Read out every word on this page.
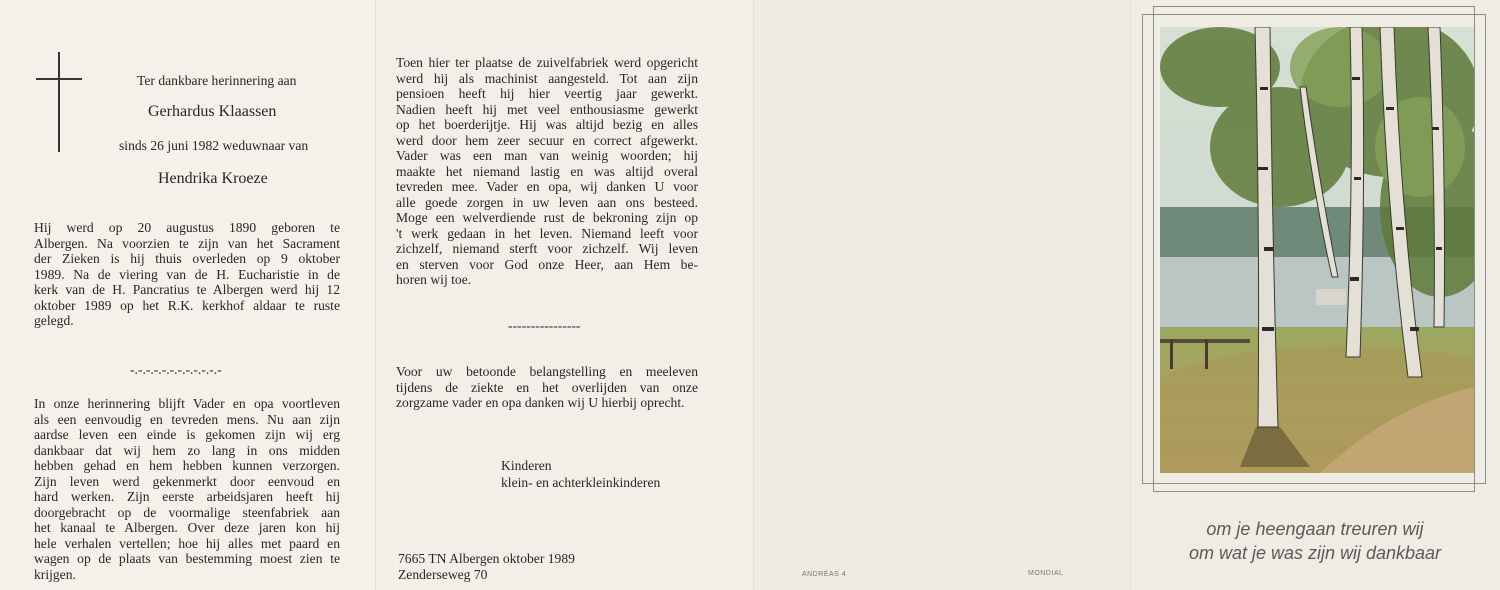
Ter dankbare herinnering aan
Gerhardus Klaassen
sinds 26 juni 1982 weduwnaar van
Hendrika Kroeze
Hij werd op 20 augustus 1890 geboren te
Albergen. Na voorzien te zijn van het Sacrament
der Zieken is hij thuis overleden op 9 oktober
1989. Na de viering van de H. Eucharistie in de
kerk van de H. Pancratius te Albergen werd hij 12
oktober 1989 op het R.K. kerkhof aldaar te ruste
gelegd.
-.-.-.-.-.-.-.-.-.-.-.-
In onze herinnering blijft Vader en opa voortleven
als een eenvoudig en tevreden mens. Nu aan zijn
aardse leven een einde is gekomen zijn wij erg
dankbaar dat wij hem zo lang in ons midden
hebben gehad en hem hebben kunnen verzorgen.
Zijn leven werd gekenmerkt door eenvoud en
hard werken. Zijn eerste arbeidsjaren heeft hij
doorgebracht op de voormalige steenfabriek aan
het kanaal te Albergen. Over deze jaren kon hij
hele verhalen vertellen; hoe hij alles met paard en
wagen op de plaats van bestemming moest zien te
krijgen.
Toen hier ter plaatse de zuivelfabriek werd opgericht
werd hij als machinist aangesteld. Tot aan zijn
pensioen heeft hij hier veertig jaar gewerkt.
Nadien heeft hij met veel enthousiasme gewerkt
op het boerderijtje. Hij was altijd bezig en alles
werd door hem zeer secuur en correct afgewerkt.
Vader was een man van weinig woorden; hij
maakte het niemand lastig en was altijd overal
tevreden mee. Vader en opa, wij danken U voor
alle goede zorgen in uw leven aan ons besteed.
Moge een welverdiende rust de bekroning zijn op
't werk gedaan in het leven. Niemand leeft voor
zichzelf, niemand sterft voor zichzelf. Wij leven
en sterven voor God onze Heer, aan Hem be-
horen wij toe.
----------------
Voor uw betoonde belangstelling en meeleven
tijdens de ziekte en het overlijden van onze
zorgzame vader en opa danken wij U hierbij oprecht.
Kinderen
klein- en achterkleinkinderen
7665 TN Albergen oktober 1989
Zenderseweg 70	ANDRÉAS 4	MONDIAL
om je heengaan treuren wij
om wat je was zijn wij dankbaar
